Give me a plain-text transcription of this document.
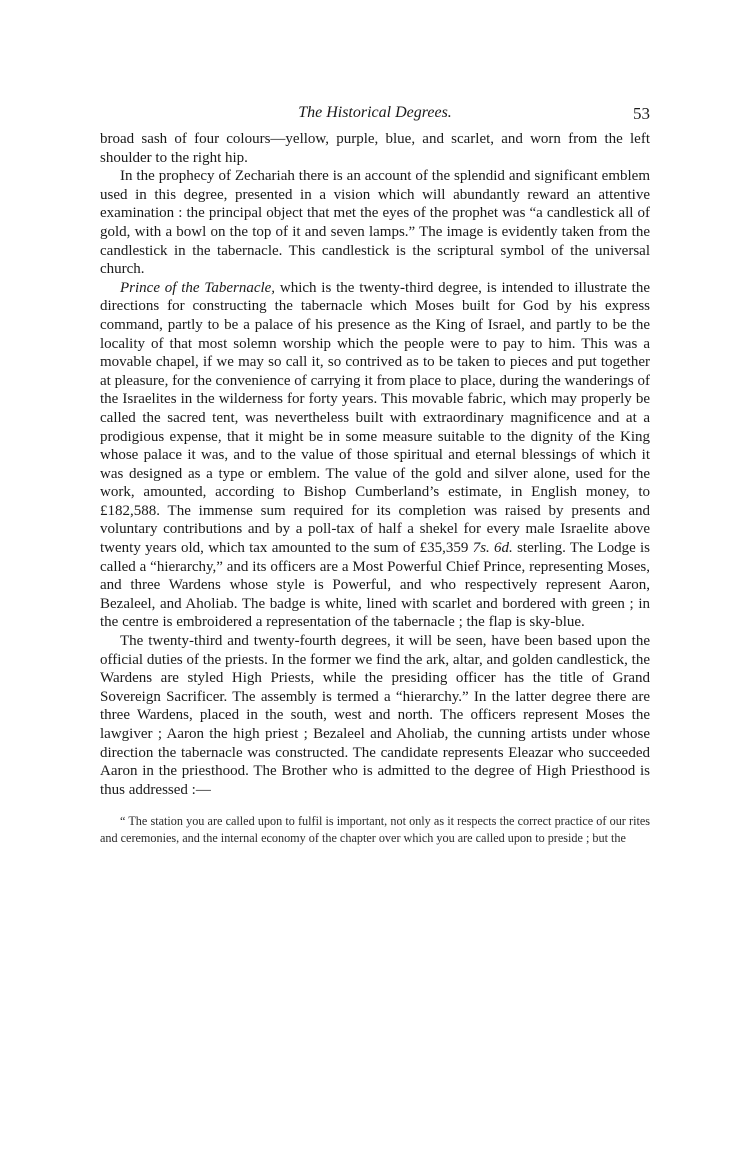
The Historical Degrees.	53

broad sash of four colours—yellow, purple, blue, and scarlet, and worn from the left shoulder to the right hip.

In the prophecy of Zechariah there is an account of the splendid and significant emblem used in this degree, presented in a vision which will abundantly reward an attentive examination : the principal object that met the eyes of the prophet was “a candlestick all of gold, with a bowl on the top of it and seven lamps.” The image is evidently taken from the candlestick in the tabernacle. This candlestick is the scriptural symbol of the universal church.

Prince of the Tabernacle, which is the twenty-third degree, is intended to illustrate the directions for constructing the tabernacle which Moses built for God by his express command, partly to be a palace of his presence as the King of Israel, and partly to be the locality of that most solemn worship which the people were to pay to him. This was a movable chapel, if we may so call it, so contrived as to be taken to pieces and put together at pleasure, for the convenience of carrying it from place to place, during the wanderings of the Israelites in the wilderness for forty years. This movable fabric, which may properly be called the sacred tent, was nevertheless built with extraordinary magnificence and at a prodigious expense, that it might be in some measure suitable to the dignity of the King whose palace it was, and to the value of those spiritual and eternal blessings of which it was designed as a type or emblem. The value of the gold and silver alone, used for the work, amounted, according to Bishop Cumberland’s estimate, in English money, to £182,588. The immense sum required for its completion was raised by presents and voluntary contributions and by a poll-tax of half a shekel for every male Israelite above twenty years old, which tax amounted to the sum of £35,359 7s. 6d. sterling. The Lodge is called a “hierarchy,” and its officers are a Most Powerful Chief Prince, representing Moses, and three Wardens whose style is Powerful, and who respectively represent Aaron, Bezaleel, and Aholiab. The badge is white, lined with scarlet and bordered with green ; in the centre is embroidered a representation of the tabernacle ; the flap is sky-blue.

The twenty-third and twenty-fourth degrees, it will be seen, have been based upon the official duties of the priests. In the former we find the ark, altar, and golden candlestick, the Wardens are styled High Priests, while the presiding officer has the title of Grand Sovereign Sacrificer. The assembly is termed a “hierarchy.” In the latter degree there are three Wardens, placed in the south, west and north. The officers represent Moses the lawgiver ; Aaron the high priest ; Bezaleel and Aholiab, the cunning artists under whose direction the tabernacle was constructed. The candidate represents Eleazar who succeeded Aaron in the priesthood. The Brother who is admitted to the degree of High Priesthood is thus addressed :—

“ The station you are called upon to fulfil is important, not only as it respects the correct practice of our rites and ceremonies, and the internal economy of the chapter over which you are called upon to preside ; but the
